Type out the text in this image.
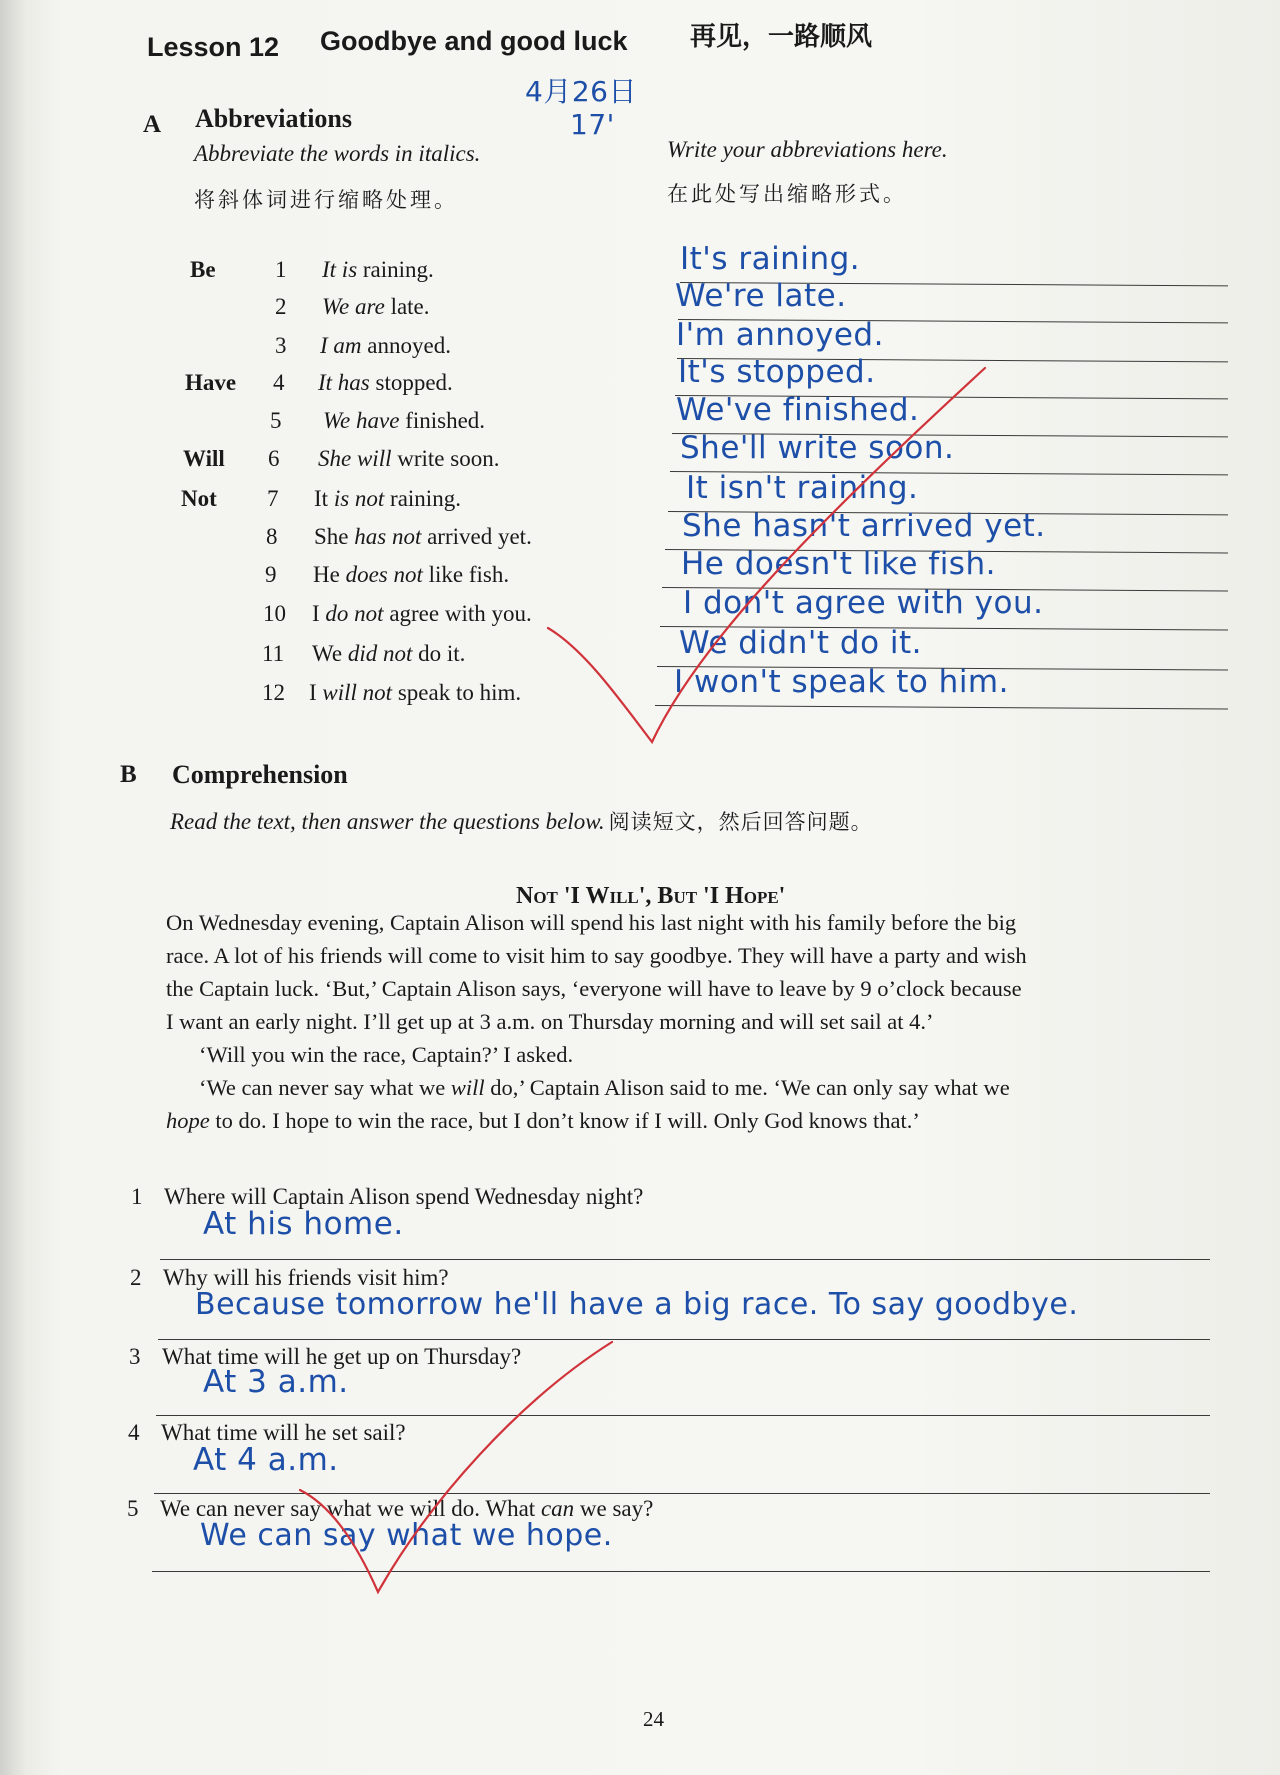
Lesson 12 Goodbye and good luck 再见，一路顺风
4月26日
17'
A Abbreviations
Abbreviate the words in italics.
将斜体词进行缩略处理。
Write your abbreviations here.
在此处写出缩略形式。
Be	1 It is raining.	It's raining.
2 We are late.	We're late.
3 I am annoyed.	I'm annoyed.
Have 4 It has stopped.	It's stopped.
5 We have finished.	We've finished.
Will 6 She will write soon.	She'll write soon.
Not 7 It is not raining.	It isn't raining.
8 She has not arrived yet.	She hasn't arrived yet.
9 He does not like fish.	He doesn't like fish.
10 I do not agree with you.	I don't agree with you.
11 We did not do it.	We didn't do it.
12 I will not speak to him.	I won't speak to him.
B Comprehension
Read the text, then answer the questions below. 阅读短文，然后回答问题。
Not 'I Will', But 'I Hope'
On Wednesday evening, Captain Alison will spend his last night with his family before the big
race. A lot of his friends will come to visit him to say goodbye. They will have a party and wish
the Captain luck. ‘But,’ Captain Alison says, ‘everyone will have to leave by 9 o’clock because
I want an early night. I’ll get up at 3 a.m. on Thursday morning and will set sail at 4.’
‘Will you win the race, Captain?’ I asked.
‘We can never say what we will do,’ Captain Alison said to me. ‘We can only say what we
hope to do. I hope to win the race, but I don’t know if I will. Only God knows that.’
1 Where will Captain Alison spend Wednesday night?
At his home.
2 Why will his friends visit him?
Because tomorrow he'll have a big race. To say goodbye.
3 What time will he get up on Thursday?
At 3 a.m.
4 What time will he set sail?
At 4 a.m.
5 We can never say what we will do. What can we say?
We can say what we hope.
24
